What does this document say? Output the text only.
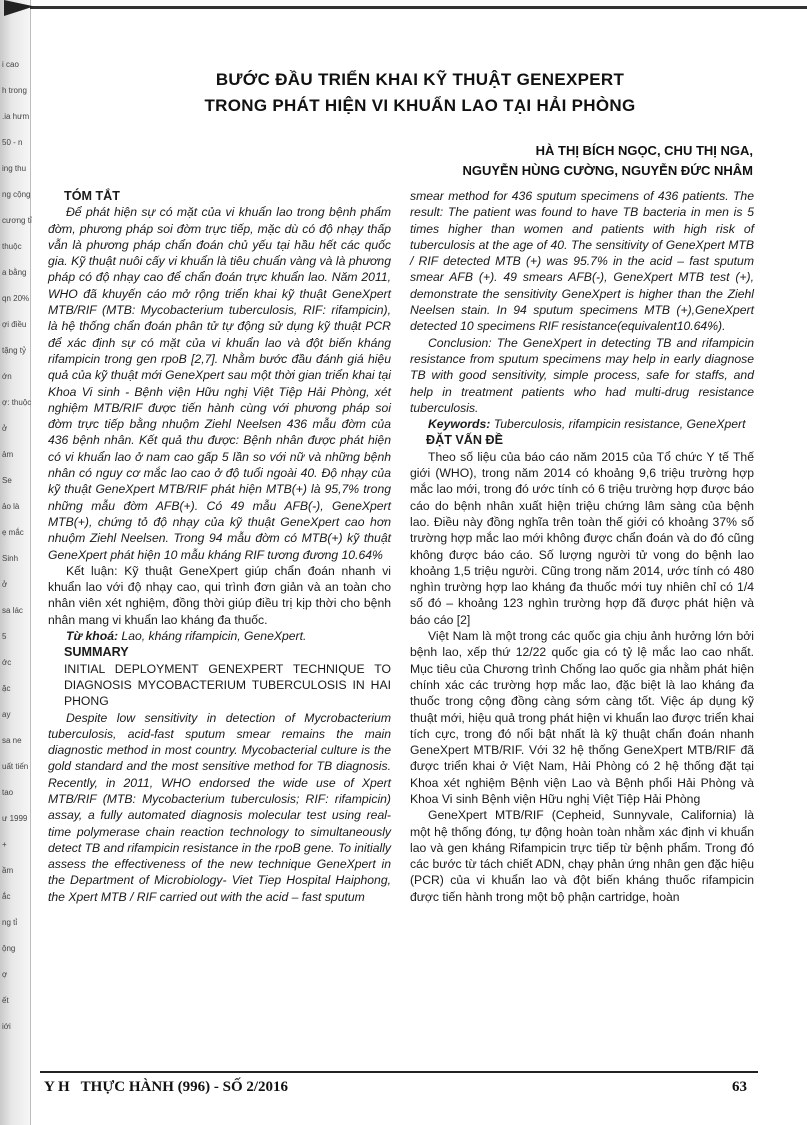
i cao
h trong
.ia hưm
50 - n
ing thu
ng cộng
cương tỉ
thuộc
a bằng
qn 20%
ợi điều
tặng tỷ
ớn
ợ: thuộc
ở
ảm
Se
ảo là
ẹ mắc
Sinh
ở
sa lác
5
ớc
ặc
ay
sa ne
uất tiến
tao
ư 1999
+
ầm
ắc
ng tỉ
ộng
ợ
ết
iới
BƯỚC ĐẦU TRIỂN KHAI KỸ THUẬT GENEXPERT
TRONG PHÁT HIỆN VI KHUẨN LAO TẠI HẢI PHÒNG
HÀ THỊ BÍCH NGỌC, CHU THỊ NGA,
NGUYỄN HÙNG CƯỜNG, NGUYỄN ĐỨC NHÂM

TÓM TẮT

Để phát hiện sự có mặt của vi khuẩn lao trong bệnh phẩm đờm, phương pháp soi đờm trực tiếp, mặc dù có độ nhạy thấp vẫn là phương pháp chẩn đoán chủ yếu tại hầu hết các quốc gia. Kỹ thuật nuôi cấy vi khuẩn là tiêu chuẩn vàng và là phương pháp có độ nhạy cao để chẩn đoán trực khuẩn lao. Năm 2011, WHO đã khuyến cáo mở rộng triển khai kỹ thuật GeneXpert MTB/RIF (MTB: Mycobacterium tuberculosis, RIF: rifampicin), là hệ thống chẩn đoán phân tử tự động sử dụng kỹ thuật PCR để xác định sự có mặt của vi khuẩn lao và đột biến kháng rifampicin trong gen rpoB [2,7]. Nhằm bước đầu đánh giá hiệu quả của kỹ thuật mới GeneXpert sau một thời gian triển khai tại Khoa Vi sinh - Bệnh viện Hữu nghị Việt Tiệp Hải Phòng, xét nghiệm MTB/RIF được tiến hành cùng với phương pháp soi đờm trực tiếp bằng nhuộm Ziehl Neelsen 436 mẫu đờm của 436 bệnh nhân. Kết quả thu được: Bệnh nhân được phát hiện có vi khuẩn lao ở nam cao gấp 5 lần so với nữ và những bệnh nhân có nguy cơ mắc lao cao ở độ tuổi ngoài 40. Độ nhạy của kỹ thuật GeneXpert MTB/RIF phát hiện MTB(+) là 95,7% trong những mẫu đờm AFB(+). Có 49 mẫu AFB(-), GeneXpert MTB(+), chứng tỏ độ nhạy của kỹ thuật GeneXpert cao hơn nhuộm Ziehl Neelsen. Trong 94 mẫu đờm có MTB(+) kỹ thuật GeneXpert phát hiện 10 mẫu kháng RIF tương đương 10.64%

Kết luận: Kỹ thuật GeneXpert giúp chẩn đoán nhanh vi khuẩn lao với độ nhạy cao, qui trình đơn giản và an toàn cho nhân viên xét nghiệm, đồng thời giúp điều trị kịp thời cho bệnh nhân mang vi khuẩn lao kháng đa thuốc.

Từ khoá: Lao, kháng rifampicin, GeneXpert.

SUMMARY

INITIAL DEPLOYMENT GENEXPERT TECHNIQUE TO DIAGNOSIS MYCOBACTERIUM TUBERCULOSIS IN HAI PHONG

Despite low sensitivity in detection of Mycrobacterium tuberculosis, acid-fast sputum smear remains the main diagnostic method in most country. Mycobacterial culture is the gold standard and the most sensitive method for TB diagnosis. Recently, in 2011, WHO endorsed the wide use of Xpert MTB/RIF (MTB: Mycobacterium tuberculosis; RIF: rifampicin) assay, a fully automated diagnosis molecular test using real-time polymerase chain reaction technology to simultaneously detect TB and rifampicin resistance in the rpoB gene. To initially assess the effectiveness of the new technique GeneXpert in the Department of Microbiology- Viet Tiep Hospital Haiphong, the Xpert MTB / RIF carried out with the acid – fast sputum

smear method for 436 sputum specimens of 436 patients. The result: The patient was found to have TB bacteria in men is 5 times higher than women and patients with high risk of tuberculosis at the age of 40. The sensitivity of GeneXpert MTB / RIF detected MTB (+) was 95.7% in the acid – fast sputum smear AFB (+). 49 smears AFB(-), GeneXpert MTB test (+), demonstrate the sensitivity GeneXpert is higher than the Ziehl Neelsen stain. In 94 sputum specimens MTB (+),GeneXpert detected 10 specimens RIF resistance(equivalent10.64%).

Conclusion: The GeneXpert in detecting TB and rifampicin resistance from sputum specimens may help in early diagnose TB with good sensitivity, simple process, safe for staffs, and help in treatment patients who had multi-drug resistance tuberculosis.

Keywords: Tuberculosis, rifampicin resistance, GeneXpert

ĐẶT VẤN ĐỀ

Theo số liệu của báo cáo năm 2015 của Tổ chức Y tế Thế giới (WHO), trong năm 2014 có khoảng 9,6 triệu trường hợp mắc lao mới, trong đó ước tính có 6 triệu trường hợp được báo cáo do bệnh nhân xuất hiện triệu chứng lâm sàng của bệnh lao. Điều này đồng nghĩa trên toàn thế giới có khoảng 37% số trường hợp mắc lao mới không được chẩn đoán và do đó cũng không được báo cáo. Số lượng người tử vong do bệnh lao khoảng 1,5 triệu người. Cũng trong năm 2014, ước tính có 480 nghìn trường hợp lao kháng đa thuốc mới tuy nhiên chỉ có 1/4 số đó – khoảng 123 nghìn trường hợp đã được phát hiện và báo cáo [2]

Việt Nam là một trong các quốc gia chịu ảnh hưởng lớn bởi bệnh lao, xếp thứ 12/22 quốc gia có tỷ lệ mắc lao cao nhất. Mục tiêu của Chương trình Chống lao quốc gia nhằm phát hiện chính xác các trường hợp mắc lao, đặc biệt là lao kháng đa thuốc trong cộng đồng càng sớm càng tốt. Việc áp dụng kỹ thuật mới, hiệu quả trong phát hiện vi khuẩn lao được triển khai tích cực, trong đó nổi bật nhất là kỹ thuật chẩn đoán nhanh GeneXpert MTB/RIF. Với 32 hệ thống GeneXpert MTB/RIF đã được triển khai ở Việt Nam, Hải Phòng có 2 hệ thống đặt tại Khoa xét nghiệm Bệnh viện Lao và Bệnh phổi Hải Phòng và Khoa Vi sinh Bệnh viện Hữu nghị Việt Tiệp Hải Phòng

GeneXpert MTB/RIF (Cepheid, Sunnyvale, California) là một hệ thống đóng, tự động hoàn toàn nhằm xác định vi khuẩn lao và gen kháng Rifampicin trực tiếp từ bệnh phẩm. Trong đó các bước từ tách chiết ADN, chạy phản ứng nhân gen đặc hiệu (PCR) của vi khuẩn lao và đột biến kháng thuốc rifampicin được tiến hành trong một bộ phận cartridge, hoàn

Y H   THỰC HÀNH (996) - SỐ 2/2016	63
